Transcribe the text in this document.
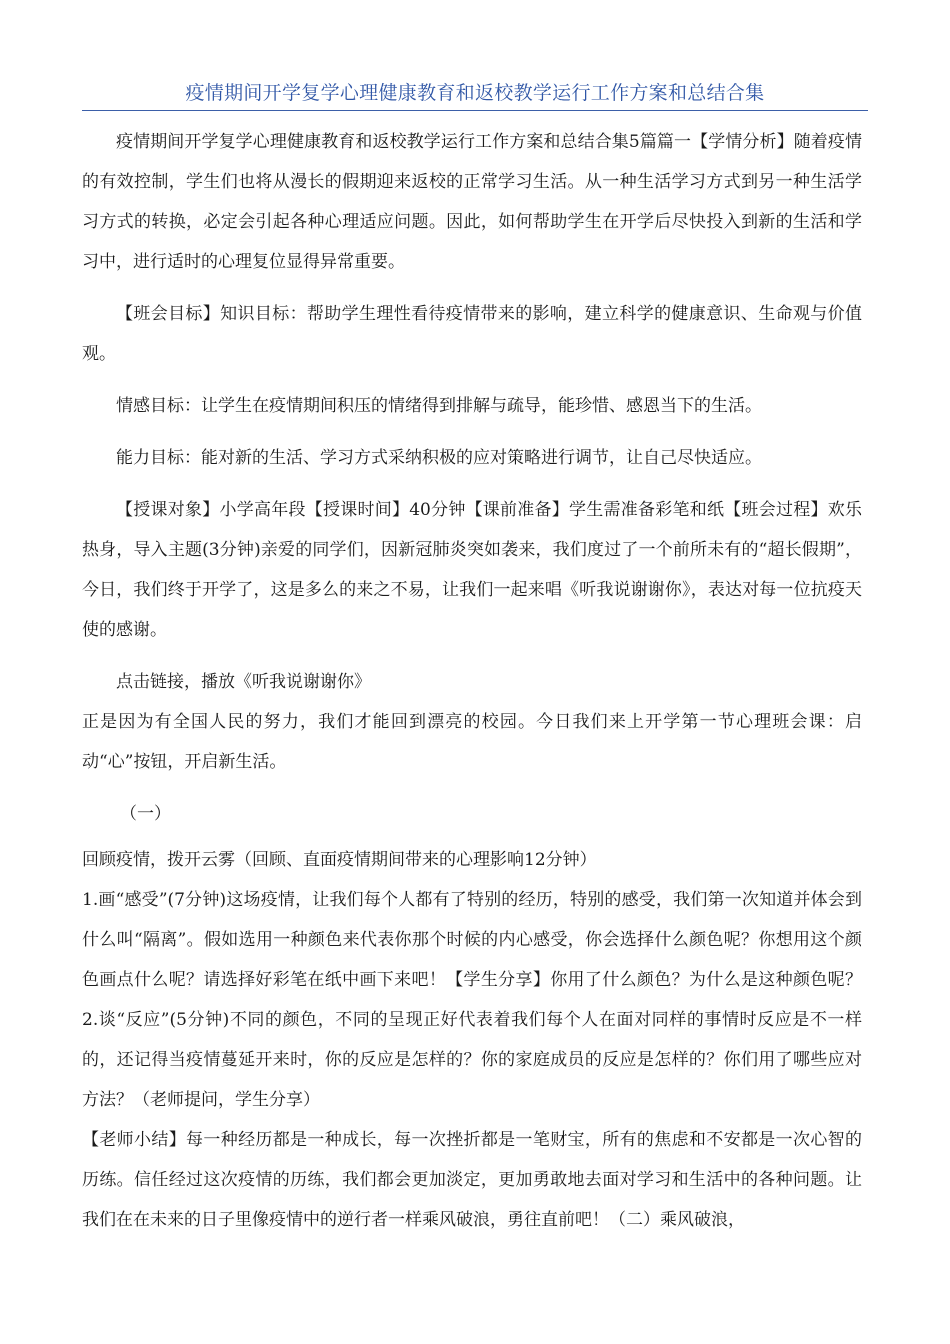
疫情期间开学复学心理健康教育和返校教学运行工作方案和总结合集

疫情期间开学复学心理健康教育和返校教学运行工作方案和总结合集5篇篇一【学情分析】随着疫情的有效控制，学生们也将从漫长的假期迎来返校的正常学习生活。从一种生活学习方式到另一种生活学习方式的转换，必定会引起各种心理适应问题。因此，如何帮助学生在开学后尽快投入到新的生活和学习中，进行适时的心理复位显得异常重要。

【班会目标】知识目标：帮助学生理性看待疫情带来的影响，建立科学的健康意识、生命观与价值观。

情感目标：让学生在疫情期间积压的情绪得到排解与疏导，能珍惜、感恩当下的生活。

能力目标：能对新的生活、学习方式采纳积极的应对策略进行调节，让自己尽快适应。

【授课对象】小学高年段【授课时间】40分钟【课前准备】学生需准备彩笔和纸【班会过程】欢乐热身，导入主题(3分钟)亲爱的同学们，因新冠肺炎突如袭来，我们度过了一个前所未有的“超长假期”，今日，我们终于开学了，这是多么的来之不易，让我们一起来唱《听我说谢谢你》，表达对每一位抗疫天使的感谢。

点击链接，播放《听我说谢谢你》

正是因为有全国人民的努力，我们才能回到漂亮的校园。今日我们来上开学第一节心理班会课：启动“心”按钮，开启新生活。

（一）

回顾疫情，拨开云雾（回顾、直面疫情期间带来的心理影响12分钟）

1.画“感受”(7分钟)这场疫情，让我们每个人都有了特别的经历，特别的感受，我们第一次知道并体会到什么叫“隔离”。假如选用一种颜色来代表你那个时候的内心感受，你会选择什么颜色呢？你想用这个颜色画点什么呢？请选择好彩笔在纸中画下来吧！【学生分享】你用了什么颜色？为什么是这种颜色呢？2.谈“反应”(5分钟)不同的颜色，不同的呈现正好代表着我们每个人在面对同样的事情时反应是不一样的，还记得当疫情蔓延开来时，你的反应是怎样的？你的家庭成员的反应是怎样的？你们用了哪些应对方法？（老师提问，学生分享）

【老师小结】每一种经历都是一种成长，每一次挫折都是一笔财宝，所有的焦虑和不安都是一次心智的历练。信任经过这次疫情的历练，我们都会更加淡定，更加勇敢地去面对学习和生活中的各种问题。让我们在在未来的日子里像疫情中的逆行者一样乘风破浪，勇往直前吧！（二）乘风破浪，
